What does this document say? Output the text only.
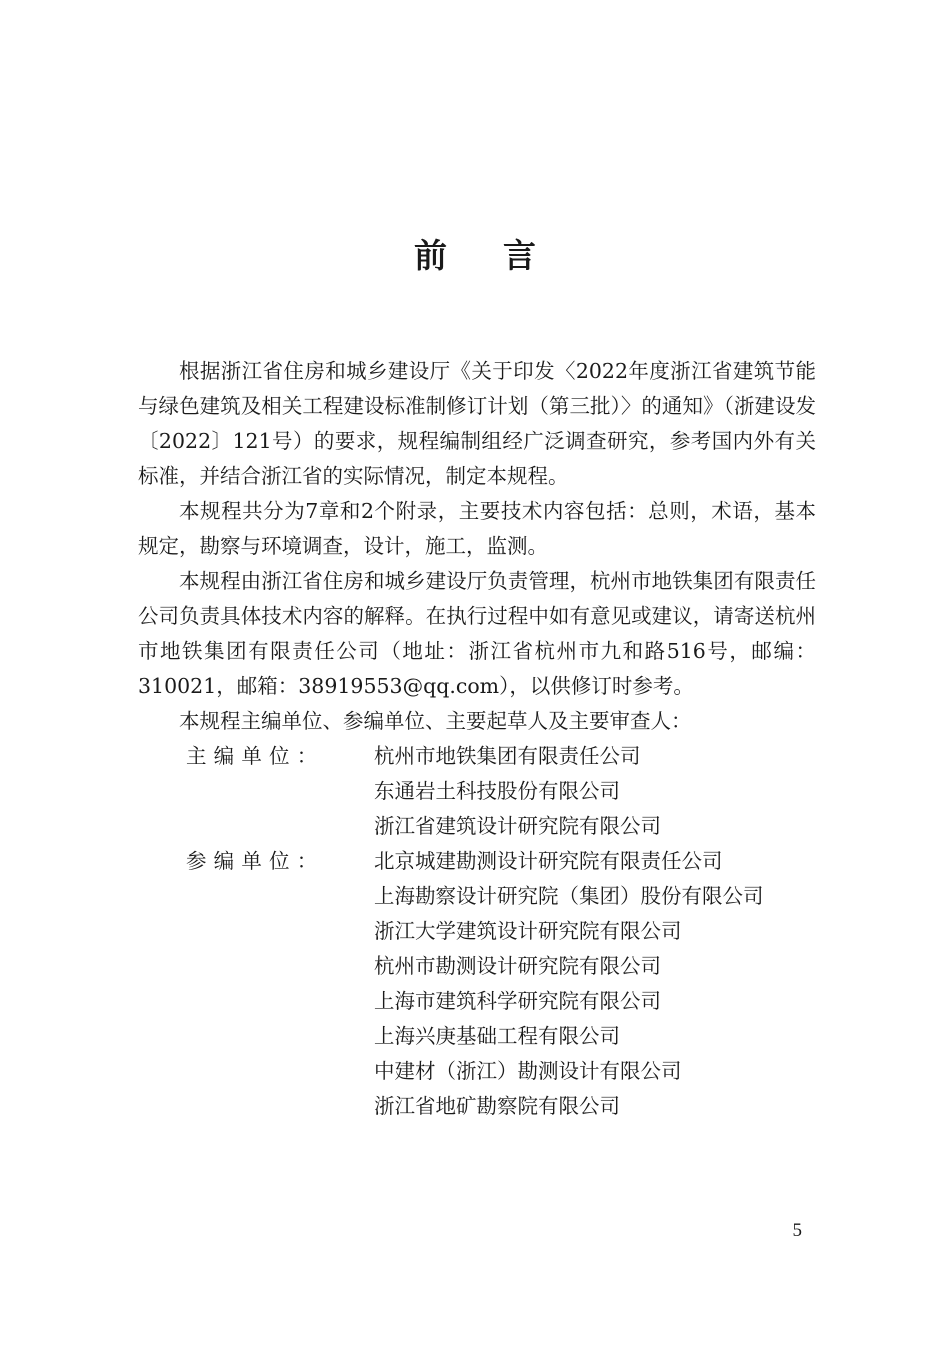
前言

根据浙江省住房和城乡建设厅《关于印发〈2022年度浙江省建筑节能与绿色建筑及相关工程建设标准制修订计划（第三批）〉的通知》（浙建设发〔2022〕121号）的要求，规程编制组经广泛调查研究，参考国内外有关标准，并结合浙江省的实际情况，制定本规程。

本规程共分为7章和2个附录，主要技术内容包括：总则，术语，基本规定，勘察与环境调查，设计，施工，监测。

本规程由浙江省住房和城乡建设厅负责管理，杭州市地铁集团有限责任公司负责具体技术内容的解释。在执行过程中如有意见或建议，请寄送杭州市地铁集团有限责任公司（地址：浙江省杭州市九和路516号，邮编：310021，邮箱：38919553@qq.com），以供修订时参考。

本规程主编单位、参编单位、主要起草人及主要审查人：

主编单位：	杭州市地铁集团有限责任公司
东通岩土科技股份有限公司
浙江省建筑设计研究院有限公司
参编单位：	北京城建勘测设计研究院有限责任公司
上海勘察设计研究院（集团）股份有限公司
浙江大学建筑设计研究院有限公司
杭州市勘测设计研究院有限公司
上海市建筑科学研究院有限公司
上海兴庚基础工程有限公司
中建材（浙江）勘测设计有限公司
浙江省地矿勘察院有限公司
5
